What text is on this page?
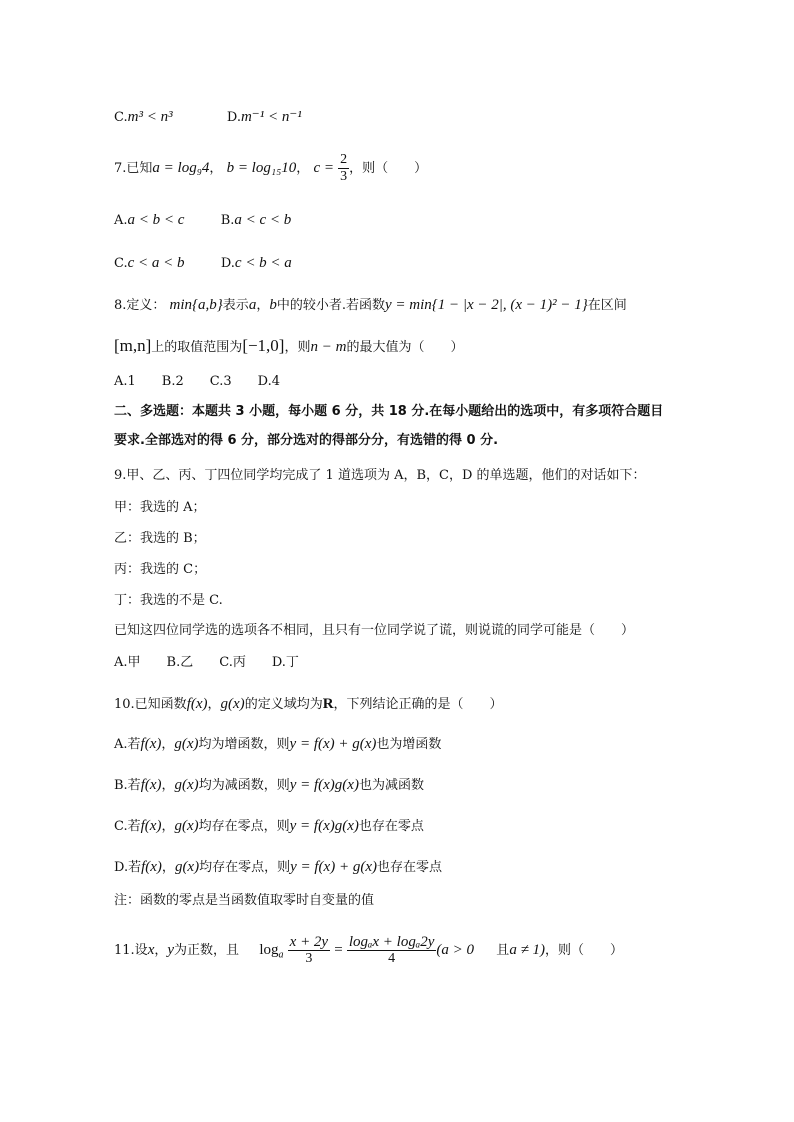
C.m³ < n³	D.m⁻¹ < n⁻¹
7.已知a = log₉4， b = log₁₅10， $c = \frac{2}{3}$ ，则（　　）
A.a < b < c	B.a < c < b
C.c < a < b	D.c < b < a
8.定义： min{a,b}表示a，b中的较小者.若函数y = min{1 − |x − 2|, (x − 1)² − 1}在区间
[m,n]上的取值范围为[−1,0]，则n − m的最大值为（　　）
A.1　　B.2　　C.3　　D.4
二、多选题：本题共 3 小题，每小题 6 分，共 18 分.在每小题给出的选项中，有多项符合题目
要求.全部选对的得 6 分，部分选对的得部分分，有选错的得 0 分.
9.甲、乙、丙、丁四位同学均完成了 1 道选项为 A，B，C，D 的单选题，他们的对话如下：
甲：我选的 A；
乙：我选的 B；
丙：我选的 C；
丁：我选的不是 C.
已知这四位同学选的选项各不相同，且只有一位同学说了谎，则说谎的同学可能是（　　）
A.甲　　B.乙　　C.丙　　D.丁
10.已知函数f(x)，g(x)的定义域均为R，下列结论正确的是（　　）
A.若f(x)，g(x)均为增函数，则y = f(x) + g(x)也为增函数
B.若f(x)，g(x)均为减函数，则y = f(x)g(x)也为减函数
C.若f(x)，g(x)均存在零点，则y = f(x)g(x)也存在零点
D.若f(x)，g(x)均存在零点，则y = f(x) + g(x)也存在零点
注：函数的零点是当函数值取零时自变量的值
11.设x，y为正数，且 $\log_a \frac{x + 2y}{3} = \frac{\text{logₐx + logₐ2y}}{4} (a > 0$ 且a ≠ 1)，则（　　）
